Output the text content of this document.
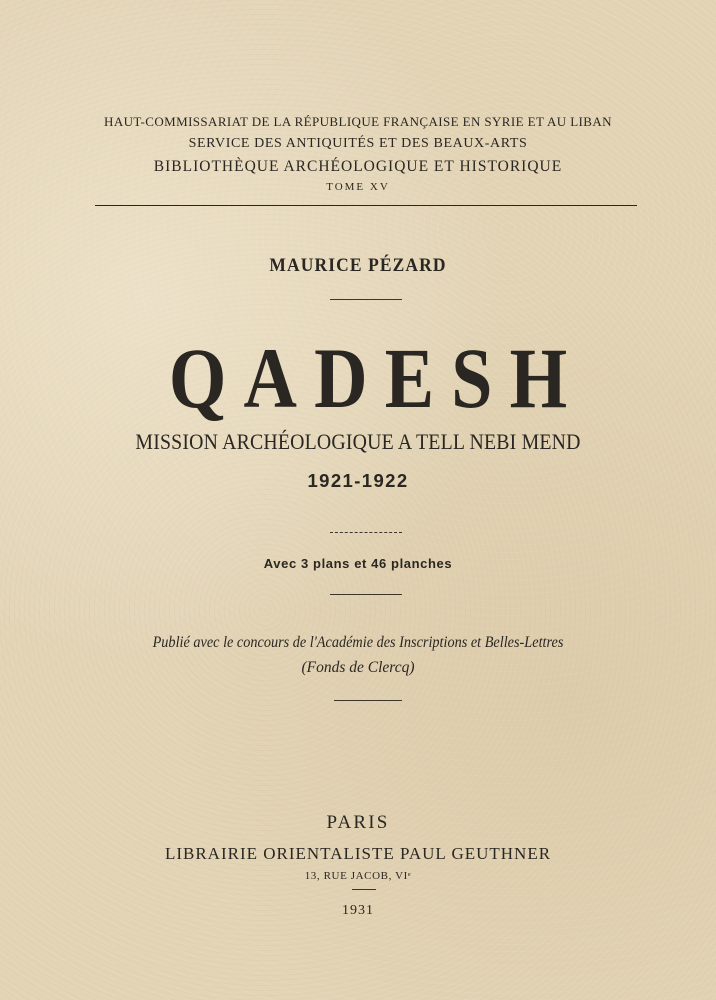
HAUT-COMMISSARIAT DE LA RÉPUBLIQUE FRANÇAISE EN SYRIE ET AU LIBAN
SERVICE DES ANTIQUITÉS ET DES BEAUX-ARTS
BIBLIOTHÈQUE ARCHÉOLOGIQUE ET HISTORIQUE
TOME XV
MAURICE PÉZARD
QADESH
MISSION ARCHÉOLOGIQUE A TELL NEBI MEND
1921-1922
Avec 3 plans et 46 planches
Publié avec le concours de l'Académie des Inscriptions et Belles-Lettres
(Fonds de Clercq)
PARIS
LIBRAIRIE ORIENTALISTE PAUL GEUTHNER
13, RUE JACOB, VIᵉ
1931
